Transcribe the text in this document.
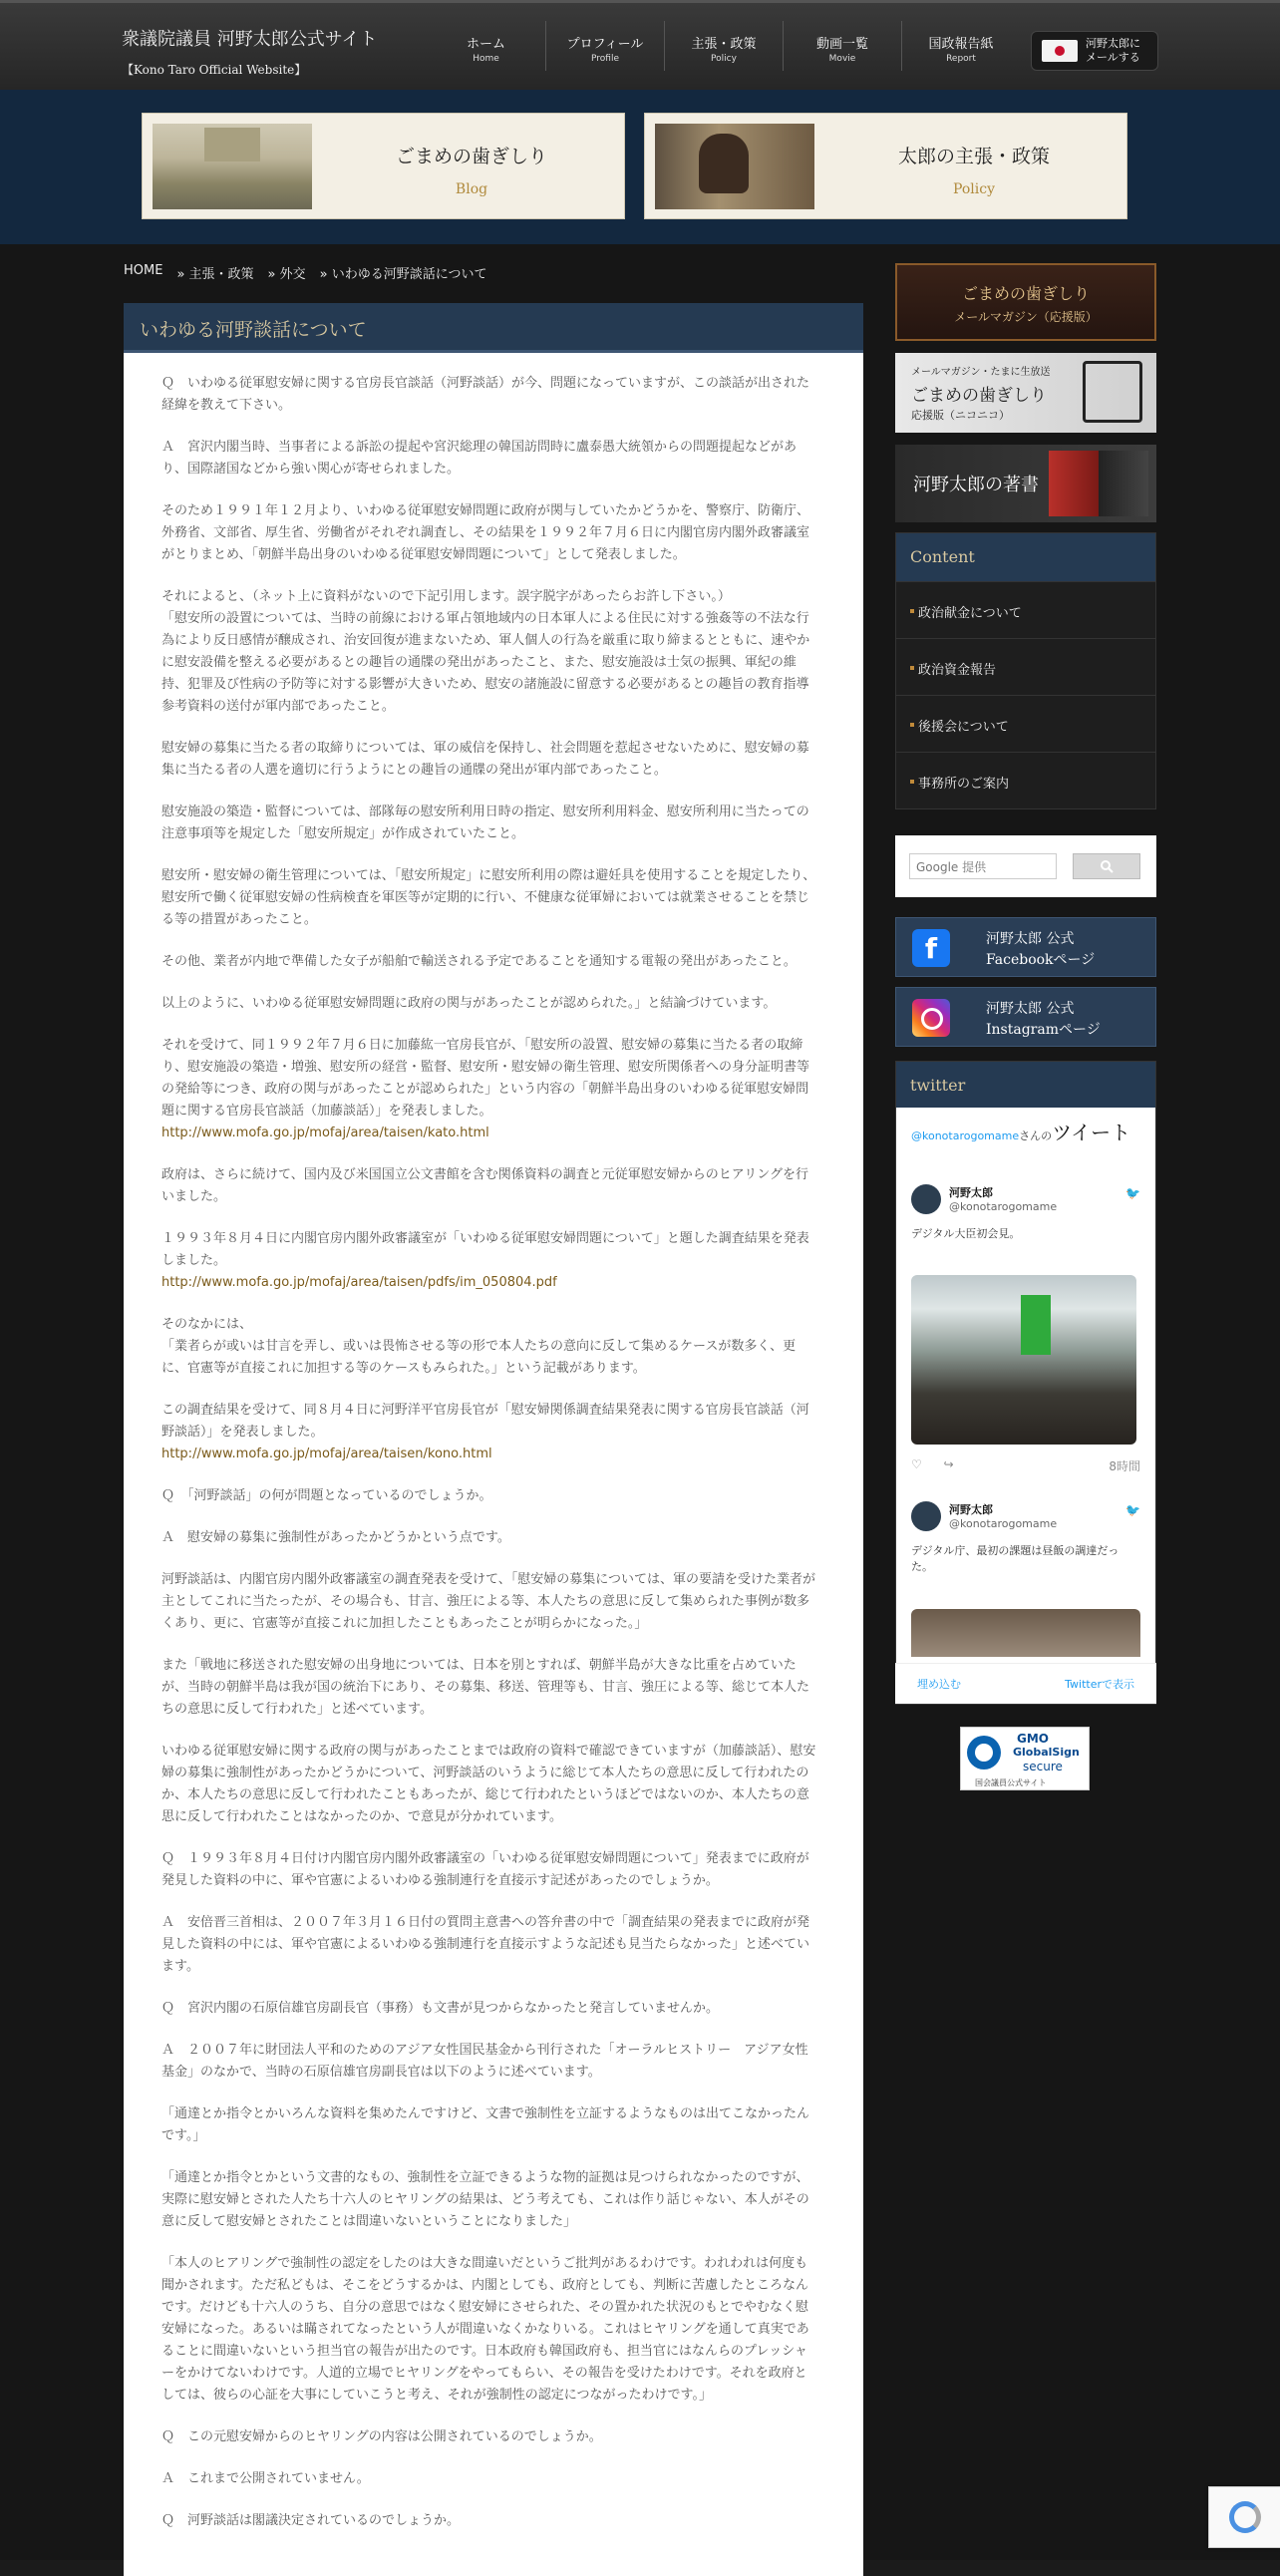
衆議院議員 河野太郎公式サイト
【Kono Taro Official Website】
ホーム
Home
プロフィール
Profile
主張・政策
Policy
動画一覧
Movie
国政報告紙
Report
河野太郎に
メールする
ごまめの歯ぎしり
Blog
太郎の主張・政策
Policy
HOME » 主張・政策 » 外交 » いわゆる河野談話について
いわゆる河野談話について

Ｑ　いわゆる従軍慰安婦に関する官房長官談話（河野談話）が今、問題になっていますが、この談話が出された経緯を教えて下さい。

Ａ　宮沢内閣当時、当事者による訴訟の提起や宮沢総理の韓国訪問時に盧泰愚大統領からの問題提起などがあり、国際諸国などから強い関心が寄せられました。

そのため１９９１年１２月より、いわゆる従軍慰安婦問題に政府が関与していたかどうかを、警察庁、防衛庁、外務省、文部省、厚生省、労働省がそれぞれ調査し、その結果を１９９２年７月６日に内閣官房内閣外政審議室がとりまとめ、「朝鮮半島出身のいわゆる従軍慰安婦問題について」として発表しました。

それによると、（ネット上に資料がないので下記引用します。誤字脱字があったらお許し下さい。）
「慰安所の設置については、当時の前線における軍占領地域内の日本軍人による住民に対する強姦等の不法な行為により反日感情が醸成され、治安回復が進まないため、軍人個人の行為を厳重に取り締まるとともに、速やかに慰安設備を整える必要があるとの趣旨の通牒の発出があったこと、また、慰安施設は士気の振興、軍紀の維持、犯罪及び性病の予防等に対する影響が大きいため、慰安の諸施設に留意する必要があるとの趣旨の教育指導参考資料の送付が軍内部であったこと。

慰安婦の募集に当たる者の取締りについては、軍の威信を保持し、社会問題を惹起させないために、慰安婦の募集に当たる者の人選を適切に行うようにとの趣旨の通牒の発出が軍内部であったこと。

慰安施設の築造・監督については、部隊毎の慰安所利用日時の指定、慰安所利用料金、慰安所利用に当たっての注意事項等を規定した「慰安所規定」が作成されていたこと。

慰安所・慰安婦の衛生管理については、「慰安所規定」に慰安所利用の際は避妊具を使用することを規定したり、慰安所で働く従軍慰安婦の性病検査を軍医等が定期的に行い、不健康な従軍婦においては就業させることを禁じる等の措置があったこと。

その他、業者が内地で準備した女子が船舶で輸送される予定であることを通知する電報の発出があったこと。

以上のように、いわゆる従軍慰安婦問題に政府の関与があったことが認められた。」と結論づけています。

それを受けて、同１９９２年７月６日に加藤紘一官房長官が、「慰安所の設置、慰安婦の募集に当たる者の取締り、慰安施設の築造・増強、慰安所の経営・監督、慰安所・慰安婦の衛生管理、慰安所関係者への身分証明書等の発給等につき、政府の関与があったことが認められた」という内容の「朝鮮半島出身のいわゆる従軍慰安婦問題に関する官房長官談話（加藤談話）」を発表しました。
http://www.mofa.go.jp/mofaj/area/taisen/kato.html

政府は、さらに続けて、国内及び米国国立公文書館を含む関係資料の調査と元従軍慰安婦からのヒアリングを行いました。

１９９３年８月４日に内閣官房内閣外政審議室が「いわゆる従軍慰安婦問題について」と題した調査結果を発表しました。
http://www.mofa.go.jp/mofaj/area/taisen/pdfs/im_050804.pdf

そのなかには、
「業者らが或いは甘言を弄し、或いは畏怖させる等の形で本人たちの意向に反して集めるケースが数多く、更に、官憲等が直接これに加担する等のケースもみられた。」という記載があります。

この調査結果を受けて、同８月４日に河野洋平官房長官が「慰安婦関係調査結果発表に関する官房長官談話（河野談話）」を発表しました。
http://www.mofa.go.jp/mofaj/area/taisen/kono.html

Ｑ　「河野談話」の何が問題となっているのでしょうか。

Ａ　慰安婦の募集に強制性があったかどうかという点です。

河野談話は、内閣官房内閣外政審議室の調査発表を受けて、「慰安婦の募集については、軍の要請を受けた業者が主としてこれに当たったが、その場合も、甘言、強圧による等、本人たちの意思に反して集められた事例が数多くあり、更に、官憲等が直接これに加担したこともあったことが明らかになった。」

また「戦地に移送された慰安婦の出身地については、日本を別とすれば、朝鮮半島が大きな比重を占めていたが、当時の朝鮮半島は我が国の統治下にあり、その募集、移送、管理等も、甘言、強圧による等、総じて本人たちの意思に反して行われた」と述べています。

いわゆる従軍慰安婦に関する政府の関与があったことまでは政府の資料で確認できていますが（加藤談話）、慰安婦の募集に強制性があったかどうかについて、河野談話のいうように総じて本人たちの意思に反して行われたのか、本人たちの意思に反して行われたこともあったが、総じて行われたというほどではないのか、本人たちの意思に反して行われたことはなかったのか、で意見が分かれています。

Ｑ　１９９３年８月４日付け内閣官房内閣外政審議室の「いわゆる従軍慰安婦問題について」発表までに政府が発見した資料の中に、軍や官憲によるいわゆる強制連行を直接示す記述があったのでしょうか。

Ａ　安倍晋三首相は、２００７年３月１６日付の質問主意書への答弁書の中で「調査結果の発表までに政府が発見した資料の中には、軍や官憲によるいわゆる強制連行を直接示すような記述も見当たらなかった」と述べています。

Ｑ　宮沢内閣の石原信雄官房副長官（事務）も文書が見つからなかったと発言していませんか。

Ａ　２００７年に財団法人平和のためのアジア女性国民基金から刊行された「オーラルヒストリー　アジア女性基金」のなかで、当時の石原信雄官房副長官は以下のように述べています。

「通達とか指令とかいろんな資料を集めたんですけど、文書で強制性を立証するようなものは出てこなかったんです。」

「通達とか指令とかという文書的なもの、強制性を立証できるような物的証拠は見つけられなかったのですが、実際に慰安婦とされた人たち十六人のヒヤリングの結果は、どう考えても、これは作り話じゃない、本人がその意に反して慰安婦とされたことは間違いないということになりました」

「本人のヒアリングで強制性の認定をしたのは大きな間違いだというご批判があるわけです。われわれは何度も聞かされます。ただ私どもは、そこをどうするかは、内閣としても、政府としても、判断に苦慮したところなんです。だけども十六人のうち、自分の意思ではなく慰安婦にさせられた、その置かれた状況のもとでやむなく慰安婦になった。あるいは瞞されてなったという人が間違いなくかなりいる。これはヒヤリングを通して真実であることに間違いないという担当官の報告が出たのです。日本政府も韓国政府も、担当官にはなんらのプレッシャーをかけてないわけです。人道的立場でヒヤリングをやってもらい、その報告を受けたわけです。それを政府としては、彼らの心証を大事にしていこうと考え、それが強制性の認定につながったわけです。」

Ｑ　この元慰安婦からのヒヤリングの内容は公開されているのでしょうか。

Ａ　これまで公開されていません。

Ｑ　河野談話は閣議決定されているのでしょうか。

ごまめの歯ぎしり
メールマガジン（応援版）
メールマガジン・たまに生放送
ごまめの歯ぎしり
応援版（ニコニコ）
河野太郎の著書
Content
政治献金について
政治資金報告
後援会について
事務所のご案内
Google 提供
f	河野太郎 公式
Facebookページ
河野太郎 公式
Instagramページ
twitter
@konotarogomameさんのツイート
河野太郎
@konotarogomame
🐦
デジタル大臣初会見。
♡ ↪	8時間
河野太郎
@konotarogomame
🐦
デジタル庁、最初の課題は昼飯の調達だった。
埋め込む	Twitterで表示
GMO
GlobalSign
secure
国会議員公式サイト
